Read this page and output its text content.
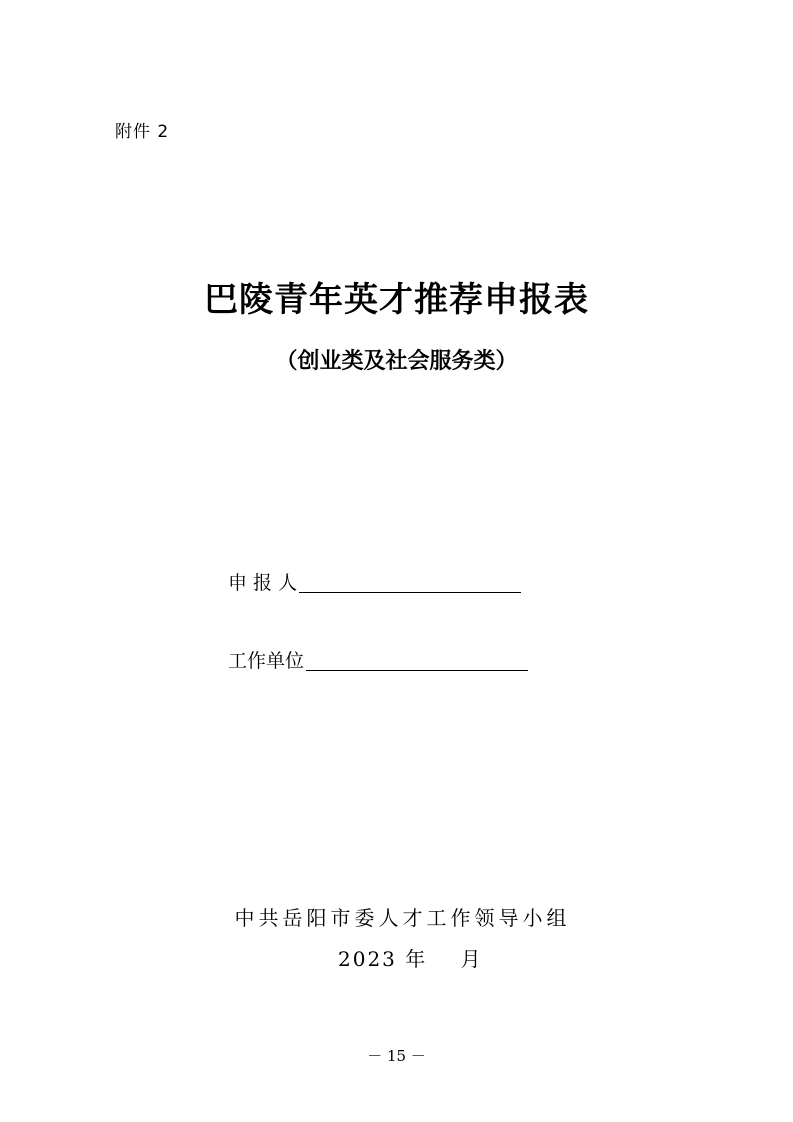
附件 2
巴陵青年英才推荐申报表
（创业类及社会服务类）
申 报 人
工作单位
中共岳阳市委人才工作领导小组
2023 年    月
－ 15 －
